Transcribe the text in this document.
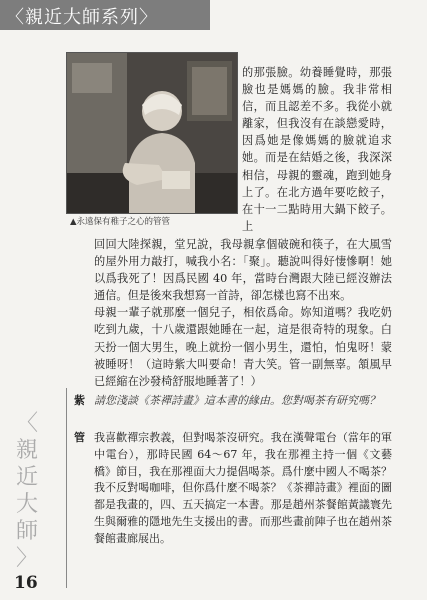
〈親近大師系列〉
▲永遠保有稚子之心的管管

的那張臉。幼養睡覺時，那張臉也是媽媽的臉。我非常相信，而且認差不多。我從小就離家，但我沒有在談戀愛時，因爲她是像媽媽的臉就追求她。而是在結婚之後，我深深相信，母親的靈魂，跑到她身上了。在北方過年要吃餃子，在十一二點時用大鍋下餃子。上

回回大陸探親，堂兄說，我母親拿個破碗和筷子，在大風雪的屋外用力敲打，喊我小名：「聚」。聽說叫得好悽慘啊！她以爲我死了！因爲民國 40 年，當時台灣跟大陸已經沒辦法通信。但是後來我想寫一首詩，卻怎樣也寫不出來。

母親一輩子就那麼一個兒子，相依爲命。妳知道嗎？我吃奶吃到九歲，十八歲還跟她睡在一起，這是很奇特的現象。白天扮一個大男生，晚上就扮一個小男生，還怕，怕鬼呀！蒙被睡呀！（這時紫大叫要命！青大笑。管一副無辜。頷風早已經縮在沙發椅舒服地睡著了！）

紫 請您淺談《茶禪詩畫》這本書的緣由。您對喝茶有研究嗎？
管 我喜歡禪宗教義，但對喝茶沒研究。我在漢聲電台（當年的軍中電台），那時民國 64～67 年，我在那裡主持一個《文藝橋》節目，我在那裡面大力提倡喝茶。爲什麼中國人不喝茶？我不反對喝咖啡，但你爲什麼不喝茶？《茶禪詩畫》裡面的圖都是我畫的，四、五天搞定一本書。那是趙州茶餐館黃議寰先生與爾雅的隱地先生支援出的書。而那些畫前陣子也在趙州茶餐館畫廊展出。
〈
親
近
大
師
〉
16
